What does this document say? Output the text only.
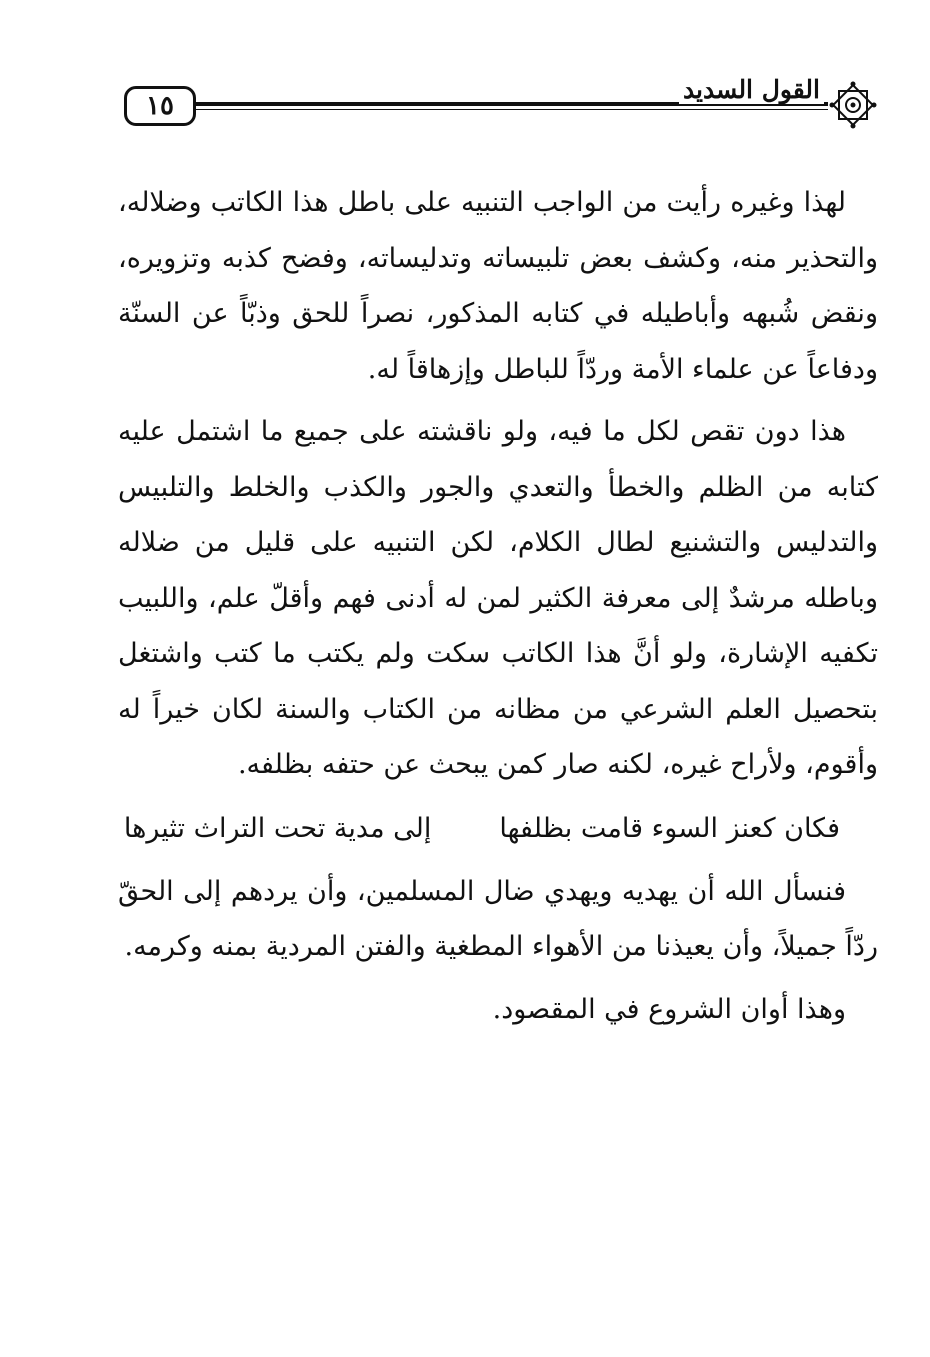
١٥
القول السديد

لهذا وغيره رأيت من الواجب التنبيه على باطل هذا الكاتب وضلاله، والتحذير منه، وكشف بعض تلبيساته وتدليساته، وفضح كذبه وتزويره، ونقض شُبهه وأباطيله في كتابه المذكور، نصراً للحق وذبّاً عن السنّة ودفاعاً عن علماء الأمة وردّاً للباطل وإزهاقاً له.

هذا دون تقص لكل ما فيه، ولو ناقشته على جميع ما اشتمل عليه كتابه من الظلم والخطأ والتعدي والجور والكذب والخلط والتلبيس والتدليس والتشنيع لطال الكلام، لكن التنبيه على قليل من ضلاله وباطله مرشدٌ إلى معرفة الكثير لمن له أدنى فهم وأقلّ علم، واللبيب تكفيه الإشارة، ولو أنَّ هذا الكاتب سكت ولم يكتب ما كتب واشتغل بتحصيل العلم الشرعي من مظانه من الكتاب والسنة لكان خيراً له وأقوم، ولأراح غيره، لكنه صار كمن يبحث عن حتفه بظلفه.

فكان كعنز السوء قامت بظلفها
إلى مدية تحت التراث تثيرها

فنسأل الله أن يهديه ويهدي ضال المسلمين، وأن يردهم إلى الحقّ ردّاً جميلاً، وأن يعيذنا من الأهواء المطغية والفتن المردية بمنه وكرمه.

وهذا أوان الشروع في المقصود.
